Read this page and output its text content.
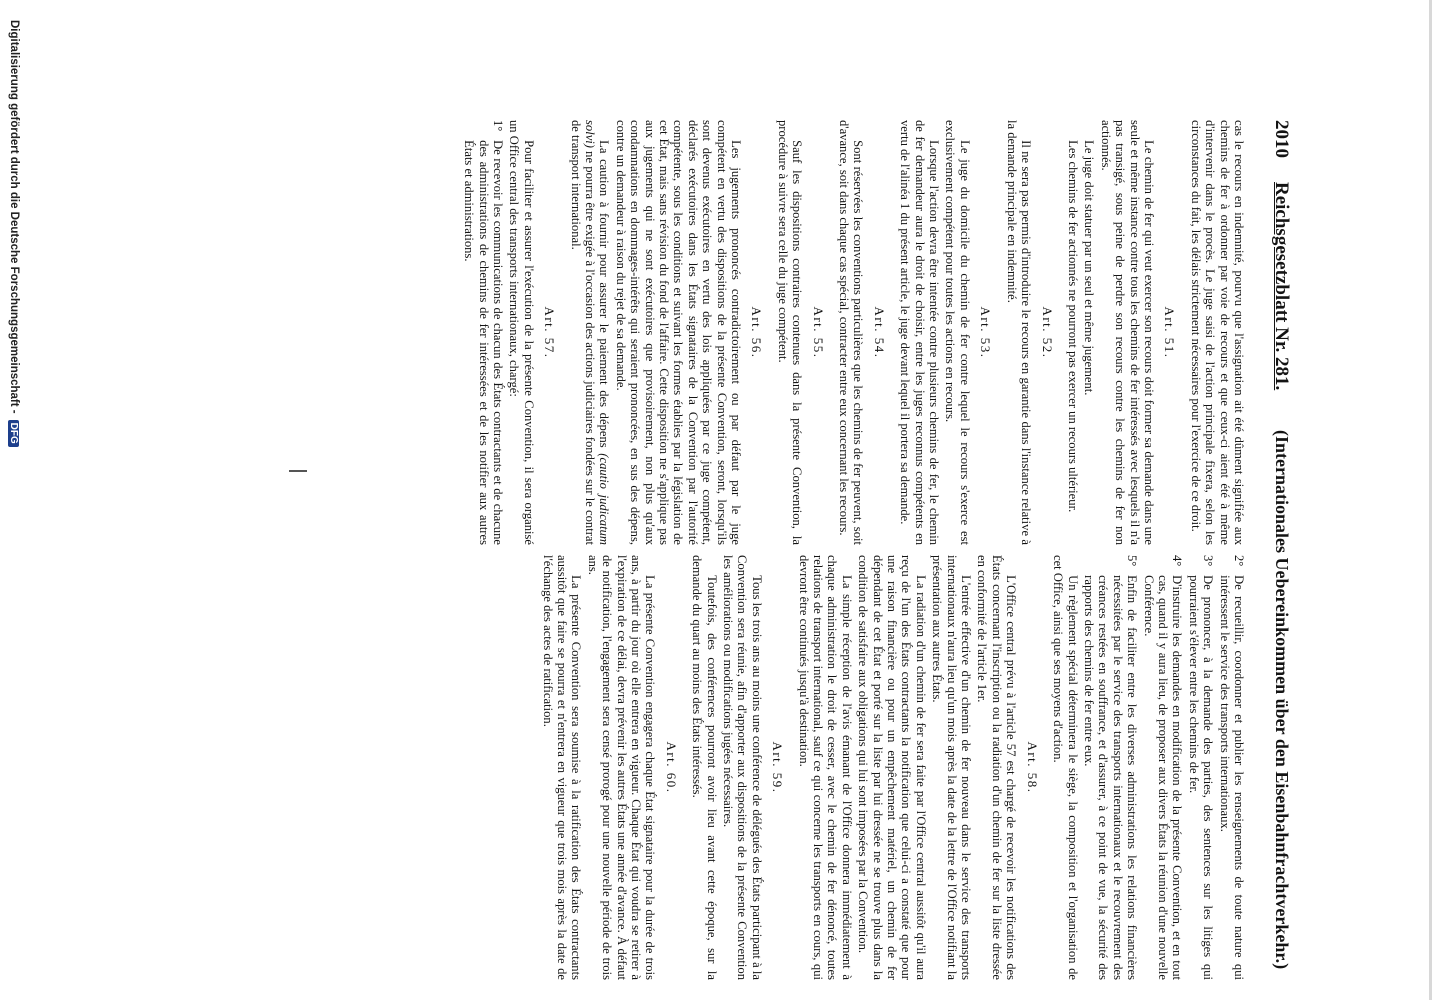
2010
Reichsgesetzblatt Nr. 281.
(Internationales Uebereinkommen über den Eisenbahnfrachtverkehr.)

cas le recours en indemnité, pourvu que l'assignation ait été dûment signifiée aux chemins de fer à ordonner par voie de recours et que ceux-ci aient été à même d'intervenir dans le procès. Le juge saisi de l'action principale fixera, selon les circonstances du fait, les délais strictement nécessaires pour l'exercice de ce droit.

Art. 51.

Le chemin de fer qui veut exercer son recours doit former sa demande dans une seule et même instance contre tous les chemins de fer intéressés avec lesquels il n'a pas transigé, sous peine de perdre son recours contre les chemins de fer non actionnés.

Le juge doit statuer par un seul et même jugement.

Les chemins de fer actionnés ne pourront pas exercer un recours ultérieur.

Art. 52.

Il ne sera pas permis d'introduire le recours en garantie dans l'instance relative à la demande principale en indemnité.

Art. 53.

Le juge du domicile du chemin de fer contre lequel le recours s'exerce est exclusivement compétent pour toutes les actions en recours.

Lorsque l'action devra être intentée contre plusieurs chemins de fer, le chemin de fer demandeur aura le droit de choisir, entre les juges reconnus compétents en vertu de l'alinéa 1 du présent article, le juge devant lequel il portera sa demande.

Art. 54.

Sont réservées les conventions particulières que les chemins de fer peuvent, soit d'avance, soit dans chaque cas spécial, contracter entre eux concernant les recours.

Art. 55.

Sauf les dispositions contraires contenues dans la présente Convention, la procédure à suivre sera celle du juge compétent.

Art. 56.

Les jugements prononcés contradictoirement ou par défaut par le juge compétent en vertu des dispositions de la présente Convention, seront, lorsqu'ils sont devenus exécutoires en vertu des lois appliquées par ce juge compétent, déclarés exécutoires dans les États signataires de la Convention par l'autorité compétente, sous les conditions et suivant les formes établies par la législation de cet État, mais sans révision du fond de l'affaire. Cette disposition ne s'applique pas aux jugements qui ne sont exécutoires que provisoirement, non plus qu'aux condamnations en dommages-intérêts qui seraient prononcées, en sus des dépens, contre un demandeur à raison du rejet de sa demande.

La caution à fournir pour assurer le paiement des dépens (cautio judicatum solvi) ne pourra être exigée à l'occasion des actions judiciaires fondées sur le contrat de transport international.

Art. 57.

Pour faciliter et assurer l'exécution de la présente Convention, il sera organisé un Office central des transports internationaux, chargé:

1°De recevoir les communications de chacun des États contractants et de chacune des administrations de chemins de fer intéressées et de les notifier aux autres États et administrations.

2°De recueillir, coordonner et publier les renseignements de toute nature qui intéressent le service des transports internationaux.

3°De prononcer, à la demande des parties, des sentences sur les litiges qui pourraient s'élever entre les chemins de fer.

4°D'instruire les demandes en modification de la présente Convention, et en tout cas, quand il y aura lieu, de proposer aux divers États la réunion d'une nouvelle Conférence.

5°Enfin de faciliter entre les diverses administrations les relations financières nécessitées par le service des transports internationaux et le recouvrement des créances restées en souffrance, et d'assurer, à ce point de vue, la sécurité des rapports des chemins de fer entre eux.

Un règlement spécial déterminera le siège, la composition et l'organisation de cet Office, ainsi que ses moyens d'action.

Art. 58.

L'Office central prévu à l'article 57 est chargé de recevoir les notifications des États concernant l'inscription ou la radiation d'un chemin de fer sur la liste dressée en conformité de l'article 1er.

L'entrée effective d'un chemin de fer nouveau dans le service des transports internationaux n'aura lieu qu'un mois après la date de la lettre de l'Office notifiant la présentation aux autres États.

La radiation d'un chemin de fer sera faite par l'Office central aussitôt qu'il aura reçu de l'un des États contractants la notification que celui-ci a constaté que pour une raison financière ou pour un empêchement matériel, un chemin de fer dépendant de cet État et porté sur la liste par lui dressée ne se trouve plus dans la condition de satisfaire aux obligations qui lui sont imposées par la Convention.

La simple réception de l'avis émanant de l'Office donnera immédiatement à chaque administration le droit de cesser, avec le chemin de fer dénoncé, toutes relations de transport international, sauf ce qui concerne les transports en cours, qui devront être continués jusqu'à destination.

Art. 59.

Tous les trois ans au moins une conférence de délégués des États participant à la Convention sera réunie, afin d'apporter aux dispositions de la présente Convention les améliorations ou modifications jugées nécessaires.

Toutefois, des conférences pourront avoir lieu avant cette époque, sur la demande du quart au moins des États intéressés.

Art. 60.

La présente Convention engagera chaque État signataire pour la durée de trois ans, à partir du jour où elle entrera en vigueur. Chaque État qui voudra se retirer à l'expiration de ce délai, devra prévenir les autres États une année d'avance. À défaut de notification, l'engagement sera censé prorogé pour une nouvelle période de trois ans.

La présente Convention sera soumise à la ratification des États contractants aussitôt que faire se pourra et n'entrera en vigueur que trois mois après la date de l'échange des actes de ratification.

Digitalisierung gefördert durch die Deutsche Forschungsgemeinschaft -DFG
